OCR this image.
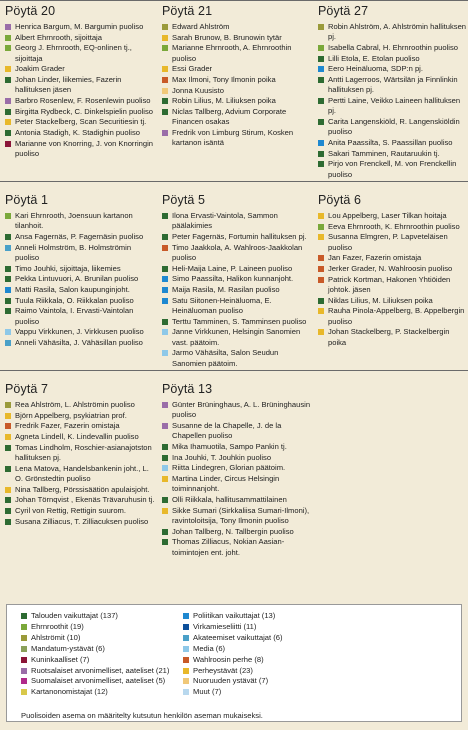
Pöytä 20
Henrica Bargum, M. Bargumin puoliso
Albert Ehrnrooth, sijoittaja
Georg J. Ehrnrooth, EQ-onlinen tj., sijoittaja
Joakim Grader
Johan Linder, liikemies, Fazerin hallituksen jäsen
Barbro Rosenlew, F. Rosenlewin puoliso
Birgitta Rydbeck, C. Dinkelspielin puoliso
Peter Stackelberg, Scan Securitiesin tj.
Antonia Stadigh, K. Stadighin puoliso
Marianne von Knorring, J. von Knorringin puoliso
Pöytä 21
Edward Ahlström
Sarah Brunow, B. Brunowin tytär
Marianne Ehrnrooth, A. Ehrnroothin puoliso
Essi Grader
Max Ilmoni, Tony Ilmonin poika
Jonna Kuusisto
Robin Lilius, M. Liliuksen poika
Niclas Tallberg, Advium Corporate Financen osakas
Fredrik von Limburg Stirum, Kosken kartanon isäntä
Pöytä 27
Robin Ahlström, A. Ahlströmin hallituksen pj.
Isabella Cabral, H. Ehrnroothin puoliso
Lilli Etola, E. Etolan puoliso
Eero Heinäluoma, SDP:n pj.
Antti Lagerroos, Wärtsilän ja Finnlinkin hallituksen pj.
Pertti Laine, Veikko Laineen hallituksen pj.
Carita Langenskiöld, R. Langenskiöldin puoliso
Anita Paassilta, S. Paassillan puoliso
Sakari Tamminen, Rautaruukin tj.
Pirjo von Frenckell, M. von Frenckellin puoliso
Pöytä 1
Kari Ehrnrooth, Joensuun kartanon tilanhoit.
Ansa Fagernäs, P. Fagernäsin puoliso
Anneli Holmström, B. Holmströmin puoliso
Timo Jouhki, sijoittaja, liikemies
Pekka Lintuvuori, A. Brunilan puoliso
Matti Rasila, Salon kaupunginjoht.
Tuula Riikkala, O. Riikkalan puoliso
Raimo Vaintola, I. Ervasti-Vaintolan puoliso
Vappu Virkkunen, J. Virkkusen puoliso
Anneli Vähäsilta, J. Vähäsillan puoliso
Pöytä 5
Ilona Ervasti-Vaintola, Sammon päälakimies
Peter Fagernäs, Fortumin hallituksen pj.
Timo Jaakkola, A. Wahlroos-Jaakkolan puoliso
Heli-Maija Laine, P. Laineen puoliso
Simo Paassilta, Halikon kunnanjoht.
Maija Rasila, M. Rasilan puoliso
Satu Siitonen-Heinäluoma, E. Heinäluoman puoliso
Terttu Tamminen, S. Tamminsen puoliso
Janne Virkkunen, Helsingin Sanomien vast. päätoim.
Jarmo Vähäsilta, Salon Seudun Sanomien päätoim.
Pöytä 6
Lou Appelberg, Laser Tilkan hoitaja
Eeva Ehrnrooth, K. Ehrnroothin puoliso
Susanna Elmgren, P. Lapveteläisen puoliso
Jan Fazer, Fazerin omistaja
Jerker Grader, N. Wahlroosin puoliso
Patrick Kortman, Hakonen Yhtiöiden johtok. jäsen
Niklas Lilius, M. Liliuksen poika
Rauha Pinola-Appelberg, B. Appelbergin puoliso
Johan Stackelberg, P. Stackelbergin poika
Pöytä 7
Rea Ahlström, L. Ahlströmin puoliso
Björn Appelberg, psykiatrian prof.
Fredrik Fazer, Fazerin omistaja
Agneta Lindell, K. Lindevallin puoliso
Tomas Lindholm, Roschier-asianajotston hallituksen pj.
Lena Matova, Handelsbankenin joht., L. O. Grönstedtin puoliso
Nina Tallberg, Pörssisäätiön apulaisjoht.
Johan Törnqvist , Ekenäs Trävaruhusin tj.
Cyril von Rettig, Rettigin suurom.
Susana Zilliacus, T. Zilliacuksen puoliso
Pöytä 13
Günter Brüninghaus, A. L. Brüninghausin puoliso
Susanne de la Chapelle, J. de la Chapellen puoliso
Mika Ihamuotila, Sampo Pankin tj.
Ina Jouhki, T. Jouhkin puoliso
Riitta Lindegren, Glorian päätoim.
Martina Linder, Circus Helsingin toiminnanjoht.
Olli Riikkala, hallitusammattilainen
Sikke Sumari (Sirkkaliisa Sumari-Ilmoni), ravintoloitsija, Tony Ilmonin puoliso
Johan Tallberg, N. Tallbergin puoliso
Thomas Zilliacus, Nokian Aasian-toimintojen ent. joht.
Talouden vaikuttajat (137)
Ehrnroothit (19)
Ahlströmit (10)
Mandatum-ystävät (6)
Kuninkaalliset (7)
Ruotsalaiset arvonimelliset, aateliset (21)
Suomalaiset arvonimelliset, aateliset (5)
Kartanonomistajat (12)
Poliitikan vaikuttajat (13)
Virkamieseliitti (11)
Akateemiset vaikuttajat (6)
Media (6)
Wahlroosin perhe (8)
Perheystävät (23)
Nuoruuden ystävät (7)
Muut (7)
Puolisoiden asema on määritelty kutsutun henkilön aseman mukaiseksi.
